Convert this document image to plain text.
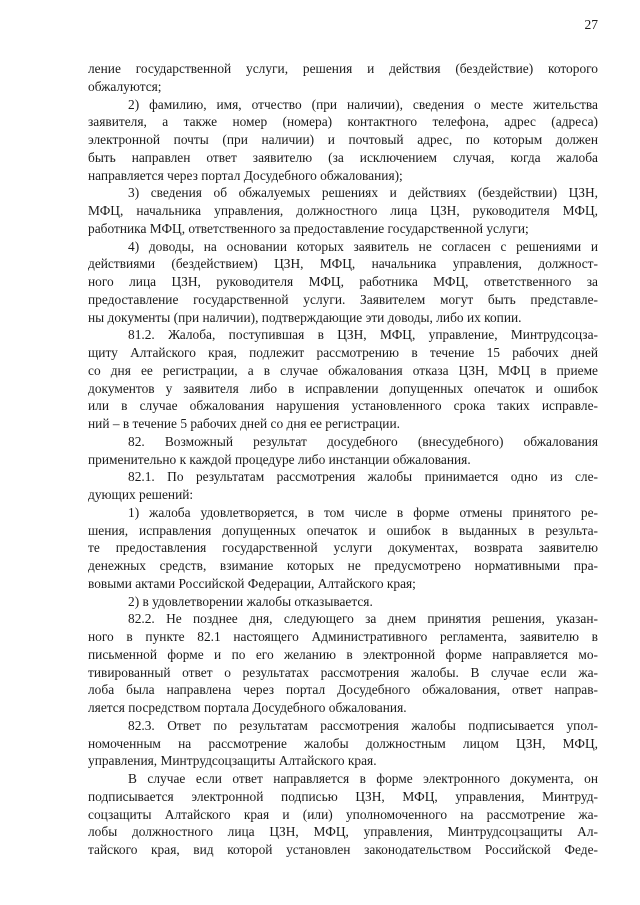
27
ление государственной услуги, решения и действия (бездействие) которого
обжалуются;
2) фамилию, имя, отчество (при наличии), сведения о месте жительства
заявителя, а также номер (номера) контактного телефона, адрес (адреса)
электронной почты (при наличии) и почтовый адрес, по которым должен
быть направлен ответ заявителю (за исключением случая, когда жалоба
направляется через портал Досудебного обжалования);
3) сведения об обжалуемых решениях и действиях (бездействии) ЦЗН,
МФЦ, начальника управления, должностного лица ЦЗН, руководителя МФЦ,
работника МФЦ, ответственного за предоставление государственной услуги;
4) доводы, на основании которых заявитель не согласен с решениями и
действиями (бездействием) ЦЗН, МФЦ, начальника управления, должност-
ного лица ЦЗН, руководителя МФЦ, работника МФЦ, ответственного за
предоставление государственной услуги. Заявителем могут быть представле-
ны документы (при наличии), подтверждающие эти доводы, либо их копии.
81.2. Жалоба, поступившая в ЦЗН, МФЦ, управление, Минтрудсоцза-
щиту Алтайского края, подлежит рассмотрению в течение 15 рабочих дней
со дня ее регистрации, а в случае обжалования отказа ЦЗН, МФЦ в приеме
документов у заявителя либо в исправлении допущенных опечаток и ошибок
или в случае обжалования нарушения установленного срока таких исправле-
ний – в течение 5 рабочих дней со дня ее регистрации.
82. Возможный результат досудебного (внесудебного) обжалования
применительно к каждой процедуре либо инстанции обжалования.
82.1. По результатам рассмотрения жалобы принимается одно из сле-
дующих решений:
1) жалоба удовлетворяется, в том числе в форме отмены принятого ре-
шения, исправления допущенных опечаток и ошибок в выданных в результа-
те предоставления государственной услуги документах, возврата заявителю
денежных средств, взимание которых не предусмотрено нормативными пра-
вовыми актами Российской Федерации, Алтайского края;
2) в удовлетворении жалобы отказывается.
82.2. Не позднее дня, следующего за днем принятия решения, указан-
ного в пункте 82.1 настоящего Административного регламента, заявителю в
письменной форме и по его желанию в электронной форме направляется мо-
тивированный ответ о результатах рассмотрения жалобы. В случае если жа-
лоба была направлена через портал Досудебного обжалования, ответ направ-
ляется посредством портала Досудебного обжалования.
82.3. Ответ по результатам рассмотрения жалобы подписывается упол-
номоченным на рассмотрение жалобы должностным лицом ЦЗН, МФЦ,
управления, Минтрудсоцзащиты Алтайского края.
В случае если ответ направляется в форме электронного документа, он
подписывается электронной подписью ЦЗН, МФЦ, управления, Минтруд-
соцзащиты Алтайского края и (или) уполномоченного на рассмотрение жа-
лобы должностного лица ЦЗН, МФЦ, управления, Минтрудсоцзащиты Ал-
тайского края, вид которой установлен законодательством Российской Феде-
